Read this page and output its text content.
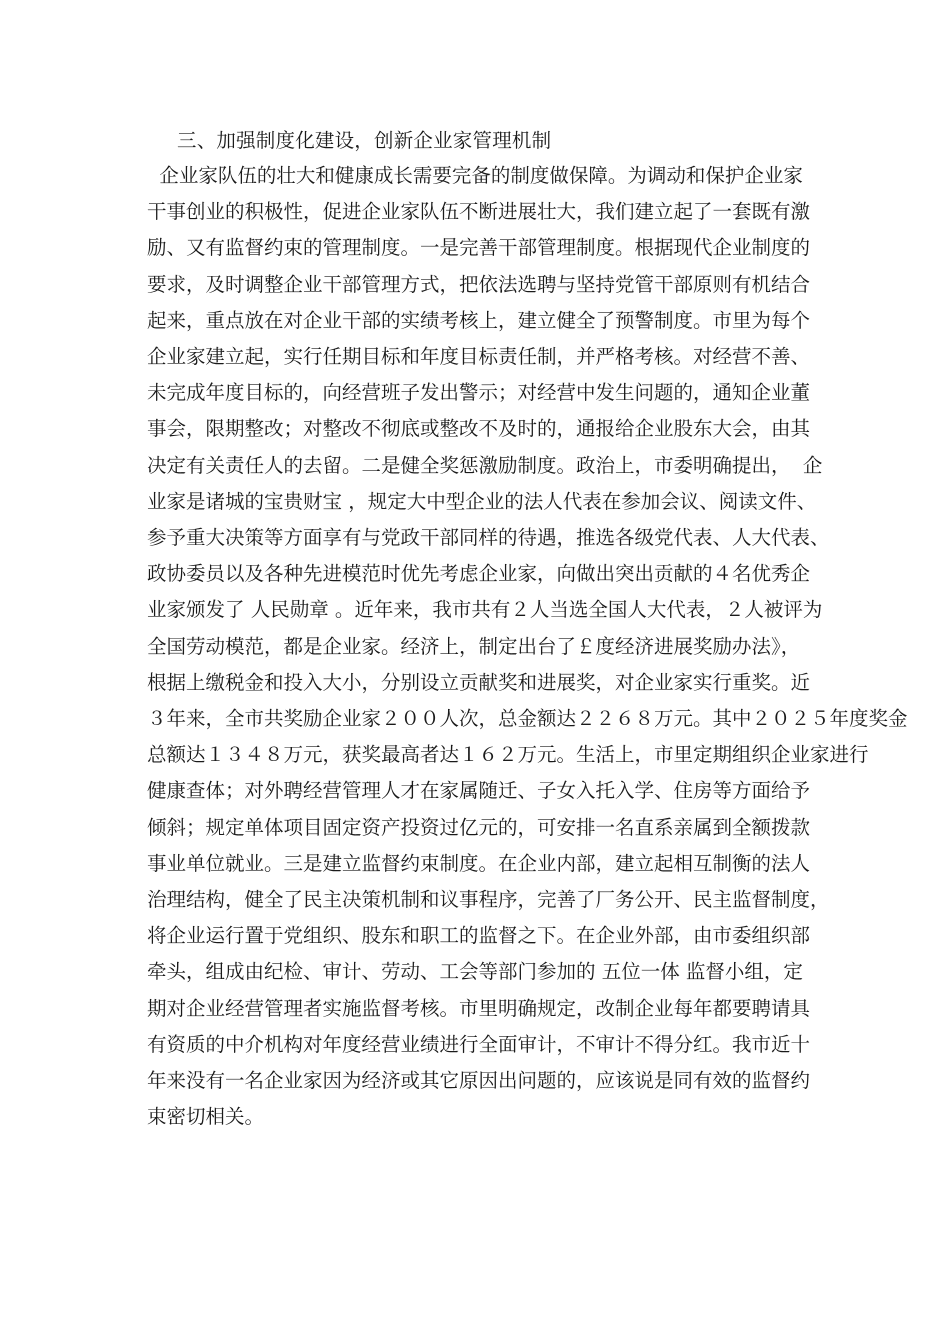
三、加强制度化建设，创新企业家管理机制
企业家队伍的壮大和健康成长需要完备的制度做保障。为调动和保护企业家
干事创业的积极性，促进企业家队伍不断进展壮大，我们建立起了一套既有激
励、又有监督约束的管理制度。一是完善干部管理制度。根据现代企业制度的
要求，及时调整企业干部管理方式，把依法选聘与坚持党管干部原则有机结合
起来，重点放在对企业干部的实绩考核上，建立健全了预警制度。市里为每个
企业家建立起，实行任期目标和年度目标责任制，并严格考核。对经营不善、
未完成年度目标的，向经营班子发出警示；对经营中发生问题的，通知企业董
事会，限期整改；对整改不彻底或整改不及时的，通报给企业股东大会，由其
决定有关责任人的去留。二是健全奖惩激励制度。政治上，市委明确提出，  企
业家是诸城的宝贵财宝 ，规定大中型企业的法人代表在参加会议、阅读文件、
参予重大决策等方面享有与党政干部同样的待遇，推选各级党代表、人大代表、
政协委员以及各种先进模范时优先考虑企业家，向做出突出贡献的４名优秀企
业家颁发了 人民勋章 。近年来，我市共有２人当选全国人大代表，２人被评为
全国劳动模范，都是企业家。经济上，制定出台了￡度经济进展奖励办法》，
根据上缴税金和投入大小，分别设立贡献奖和进展奖，对企业家实行重奖。近
３年来，全市共奖励企业家２００人次，总金额达２２６８万元。其中２０２５年度奖金
总额达１３４８万元，获奖最高者达１６２万元。生活上，市里定期组织企业家进行
健康查体；对外聘经营管理人才在家属随迁、子女入托入学、住房等方面给予
倾斜；规定单体项目固定资产投资过亿元的，可安排一名直系亲属到全额拨款
事业单位就业。三是建立监督约束制度。在企业内部，建立起相互制衡的法人
治理结构，健全了民主决策机制和议事程序，完善了厂务公开、民主监督制度，
将企业运行置于党组织、股东和职工的监督之下。在企业外部，由市委组织部
牵头，组成由纪检、审计、劳动、工会等部门参加的 五位一体 监督小组，定
期对企业经营管理者实施监督考核。市里明确规定，改制企业每年都要聘请具
有资质的中介机构对年度经营业绩进行全面审计，不审计不得分红。我市近十
年来没有一名企业家因为经济或其它原因出问题的，应该说是同有效的监督约
束密切相关。
